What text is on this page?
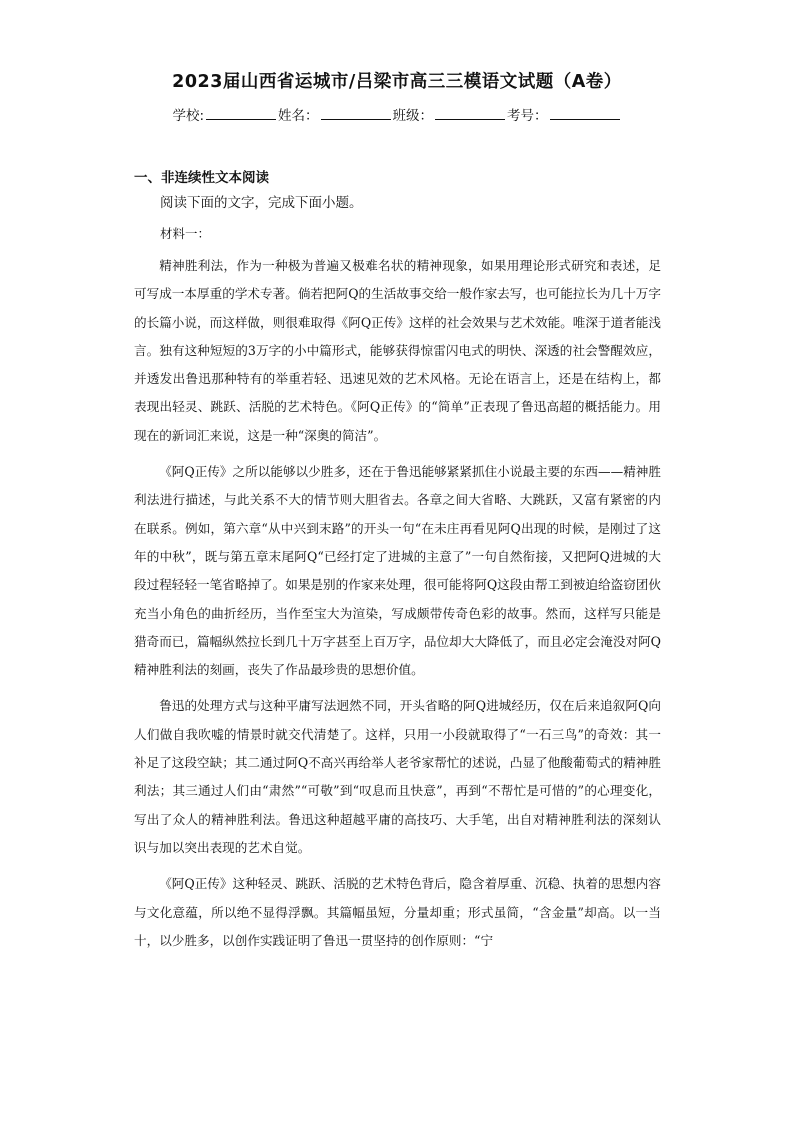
2023届山西省运城市/吕梁市高三三模语文试题（A卷）
学校:	姓名：	班级：	考号：
一、非连续性文本阅读
阅读下面的文字，完成下面小题。
材料一：

精神胜利法，作为一种极为普遍又极难名状的精神现象，如果用理论形式研究和表述，足可写成一本厚重的学术专著。倘若把阿Q的生活故事交给一般作家去写，也可能拉长为几十万字的长篇小说，而这样做，则很难取得《阿Q正传》这样的社会效果与艺术效能。唯深于道者能浅言。独有这种短短的3万字的小中篇形式，能够获得惊雷闪电式的明快、深透的社会警醒效应，并透发出鲁迅那种特有的举重若轻、迅速见效的艺术风格。无论在语言上，还是在结构上，都表现出轻灵、跳跃、活脱的艺术特色。《阿Q正传》的“简单”正表现了鲁迅高超的概括能力。用现在的新词汇来说，这是一种“深奥的简洁”。

《阿Q正传》之所以能够以少胜多，还在于鲁迅能够紧紧抓住小说最主要的东西——精神胜利法进行描述，与此关系不大的情节则大胆省去。各章之间大省略、大跳跃，又富有紧密的内在联系。例如，第六章“从中兴到末路”的开头一句“在未庄再看见阿Q出现的时候，是刚过了这年的中秋”，既与第五章末尾阿Q“已经打定了进城的主意了”一句自然衔接，又把阿Q进城的大段过程轻轻一笔省略掉了。如果是别的作家来处理，很可能将阿Q这段由帮工到被迫给盗窃团伙充当小角色的曲折经历，当作至宝大为渲染，写成颇带传奇色彩的故事。然而，这样写只能是猎奇而已，篇幅纵然拉长到几十万字甚至上百万字，品位却大大降低了，而且必定会淹没对阿Q精神胜利法的刻画，丧失了作品最珍贵的思想价值。

鲁迅的处理方式与这种平庸写法迥然不同，开头省略的阿Q进城经历，仅在后来追叙阿Q向人们做自我吹嘘的情景时就交代清楚了。这样，只用一小段就取得了“一石三鸟”的奇效：其一补足了这段空缺；其二通过阿Q不高兴再给举人老爷家帮忙的述说，凸显了他酸葡萄式的精神胜利法；其三通过人们由“肃然”“可敬”到“叹息而且快意”，再到“不帮忙是可惜的”的心理变化，写出了众人的精神胜利法。鲁迅这种超越平庸的高技巧、大手笔，出自对精神胜利法的深刻认识与加以突出表现的艺术自觉。

《阿Q正传》这种轻灵、跳跃、活脱的艺术特色背后，隐含着厚重、沉稳、执着的思想内容与文化意蕴，所以绝不显得浮飘。其篇幅虽短，分量却重；形式虽简，“含金量”却高。以一当十，以少胜多，以创作实践证明了鲁迅一贯坚持的创作原则：“宁
